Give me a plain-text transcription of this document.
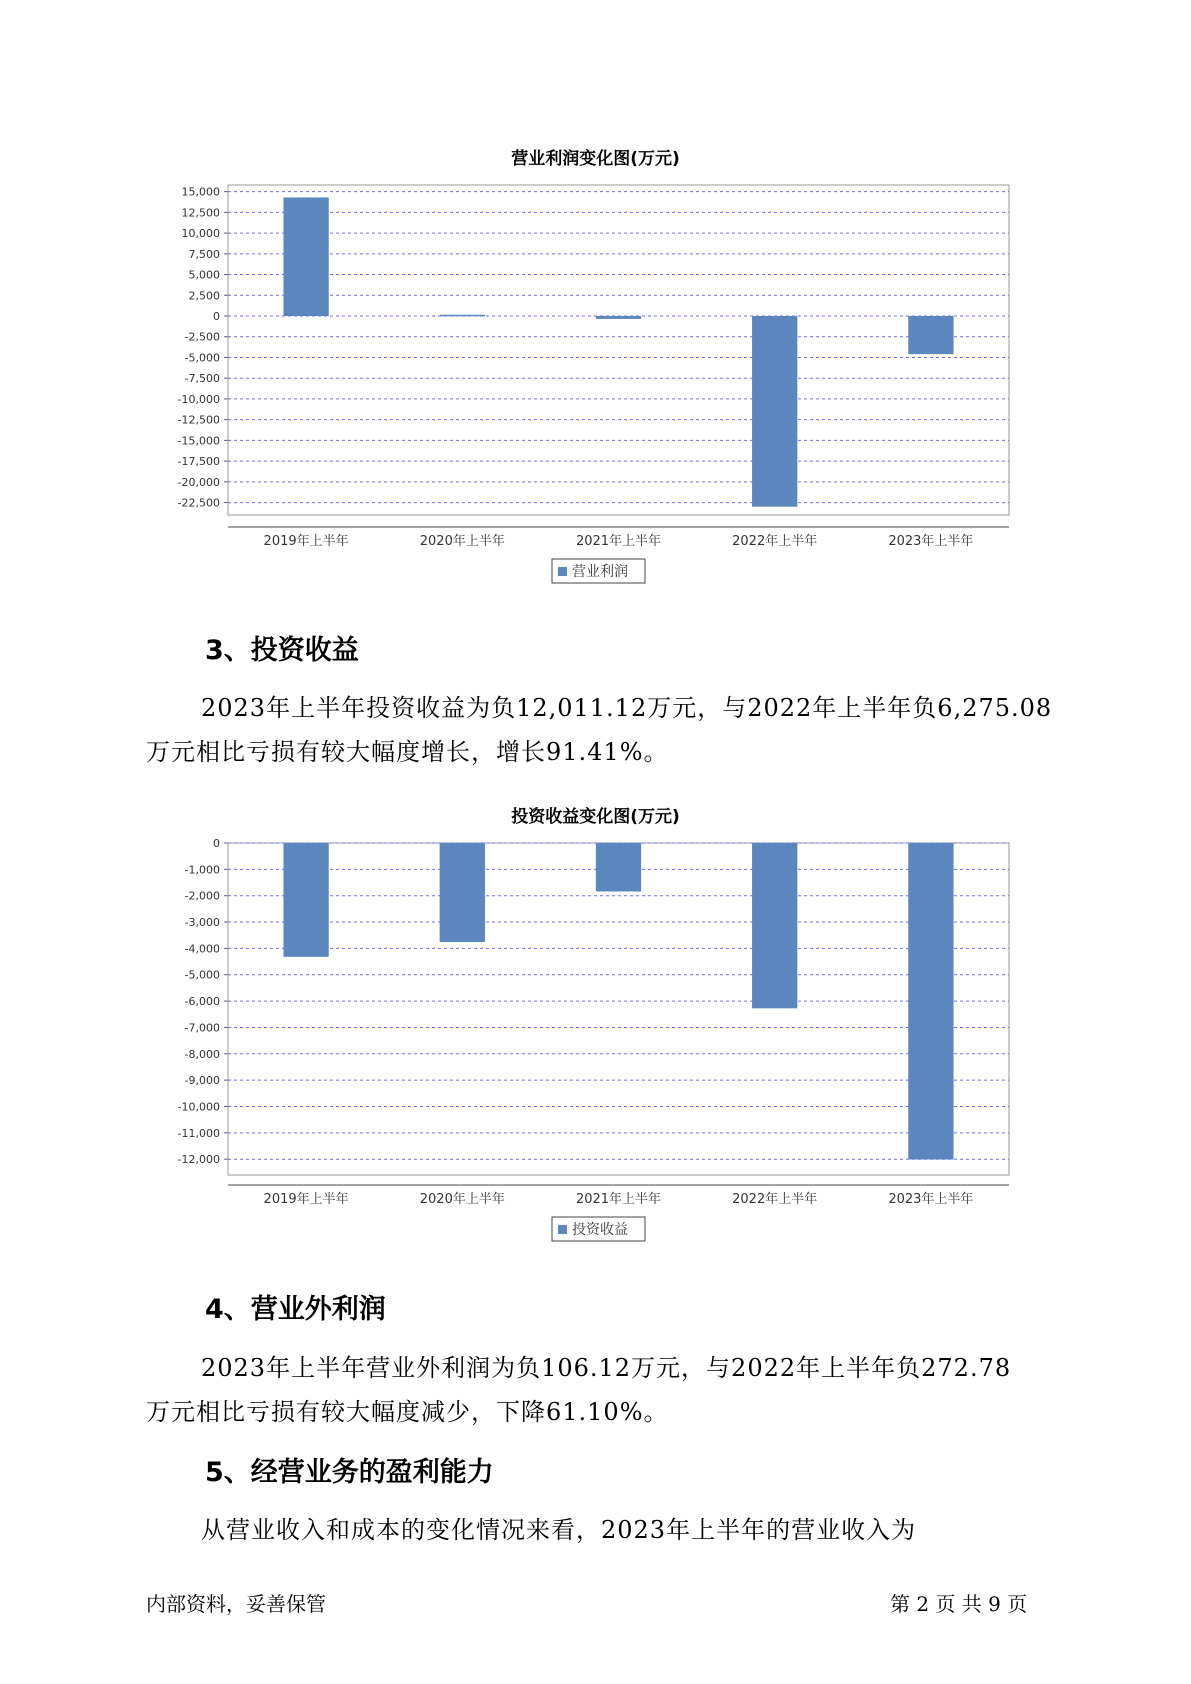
营业利润变化图(万元)
15,000
12,500
10,000
7,500
5,000
2,500
0
-2,500
-5,000
-7,500
-10,000
-12,500
-15,000
-17,500
-20,000
-22,500
2019年上半年	2020年上半年	2021年上半年	2022年上半年	2023年上半年
营业利润
3、投资收益
2023年上半年投资收益为负12,011.12万元，与2022年上半年负6,275.08
万元相比亏损有较大幅度增长，增长91.41%。
投资收益变化图(万元)
0
-1,000
-2,000
-3,000
-4,000
-5,000
-6,000
-7,000
-8,000
-9,000
-10,000
-11,000
-12,000
2019年上半年	2020年上半年	2021年上半年	2022年上半年	2023年上半年
投资收益
4、营业外利润
2023年上半年营业外利润为负106.12万元，与2022年上半年负272.78
万元相比亏损有较大幅度减少，下降61.10%。
5、经营业务的盈利能力
从营业收入和成本的变化情况来看，2023年上半年的营业收入为
内部资料，妥善保管	第 2 页 共 9 页
